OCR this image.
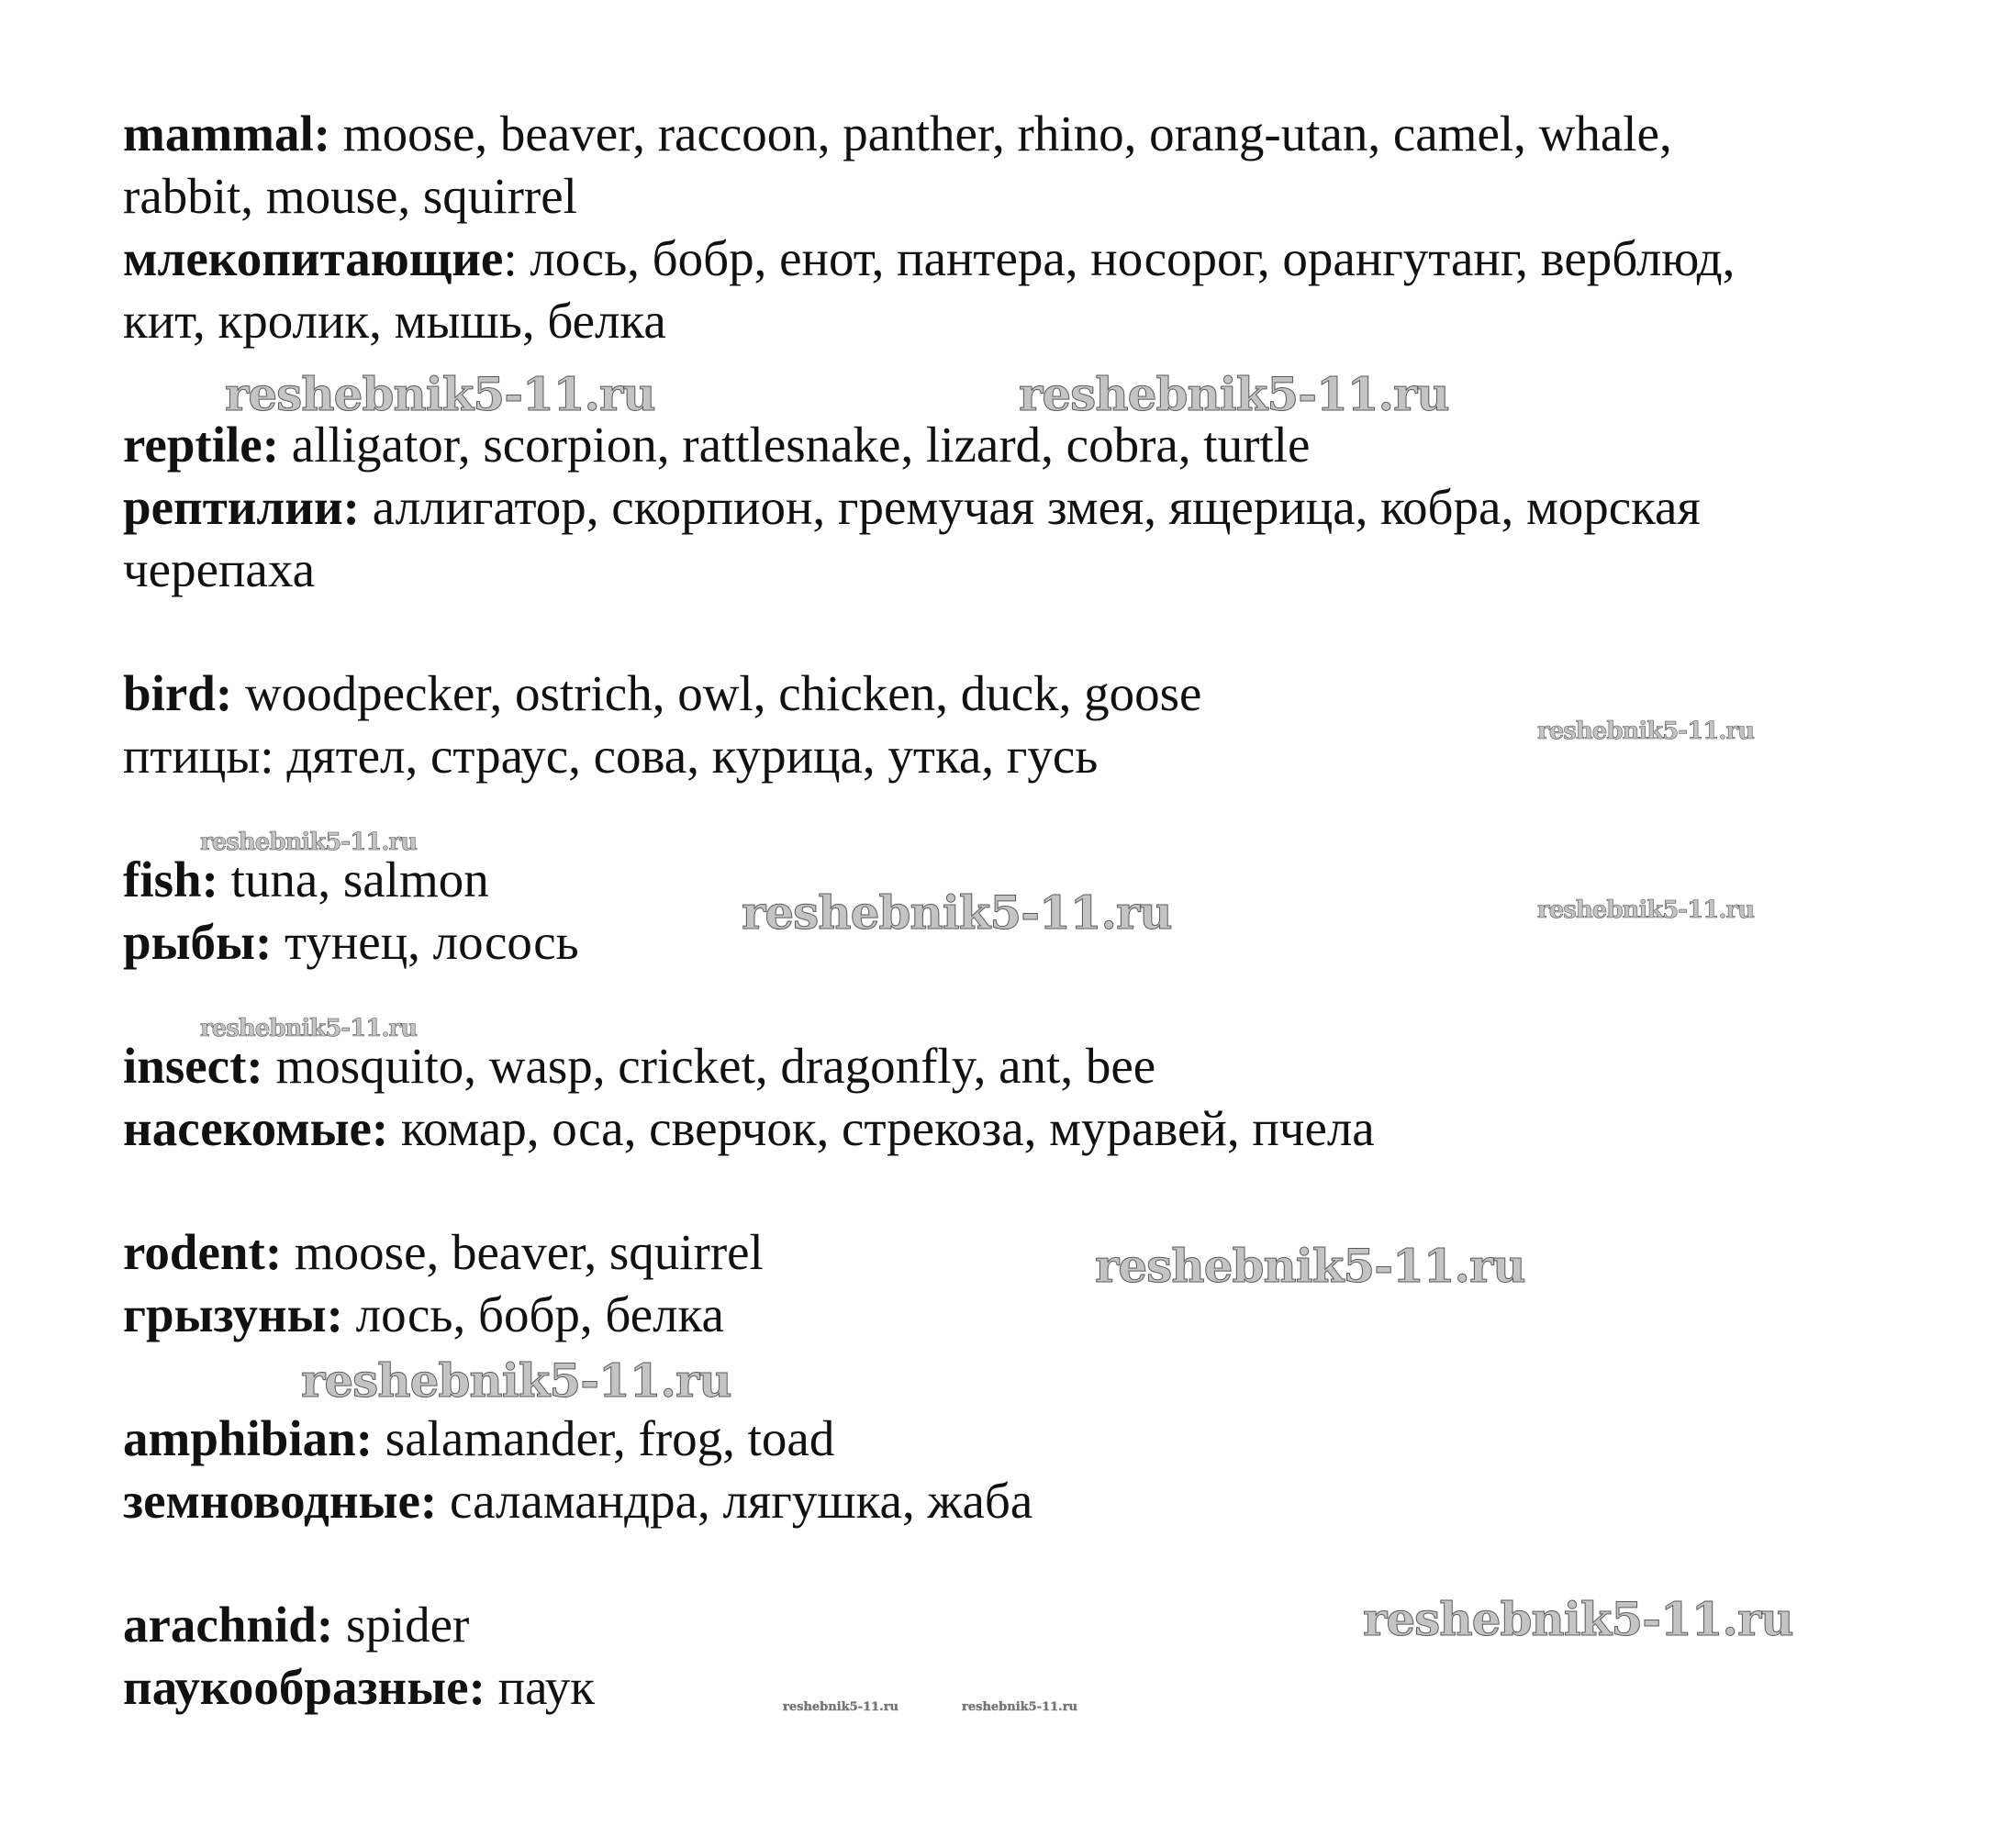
mammal: moose, beaver, raccoon, panther, rhino, orang-utan, camel, whale,
rabbit, mouse, squirrel
млекопитающие: лось, бобр, енот, пантера, носорог, орангутанг, верблюд,
кит, кролик, мышь, белка
reptile: alligator, scorpion, rattlesnake, lizard, cobra, turtle
рептилии: аллигатор, скорпион, гремучая змея, ящерица, кобра, морская
черепаха
bird: woodpecker, ostrich, owl, chicken, duck, goose
птицы: дятел, страус, сова, курица, утка, гусь
fish: tuna, salmon
рыбы: тунец, лосось
insect: mosquito, wasp, cricket, dragonfly, ant, bee
насекомые: комар, оса, сверчок, стрекоза, муравей, пчела
rodent: moose, beaver, squirrel
грызуны: лось, бобр, белка
amphibian: salamander, frog, toad
земноводные: саламандра, лягушка, жаба
arachnid: spider
паукообразные: паук
reshebnik5-11.ru	reshebnik5-11.ru
reshebnik5-11.ru
reshebnik5-11.ru
reshebnik5-11.ru	reshebnik5-11.ru
reshebnik5-11.ru
reshebnik5-11.ru
reshebnik5-11.ru
reshebnik5-11.ru
reshebnik5-11.ru	reshebnik5-11.ru
